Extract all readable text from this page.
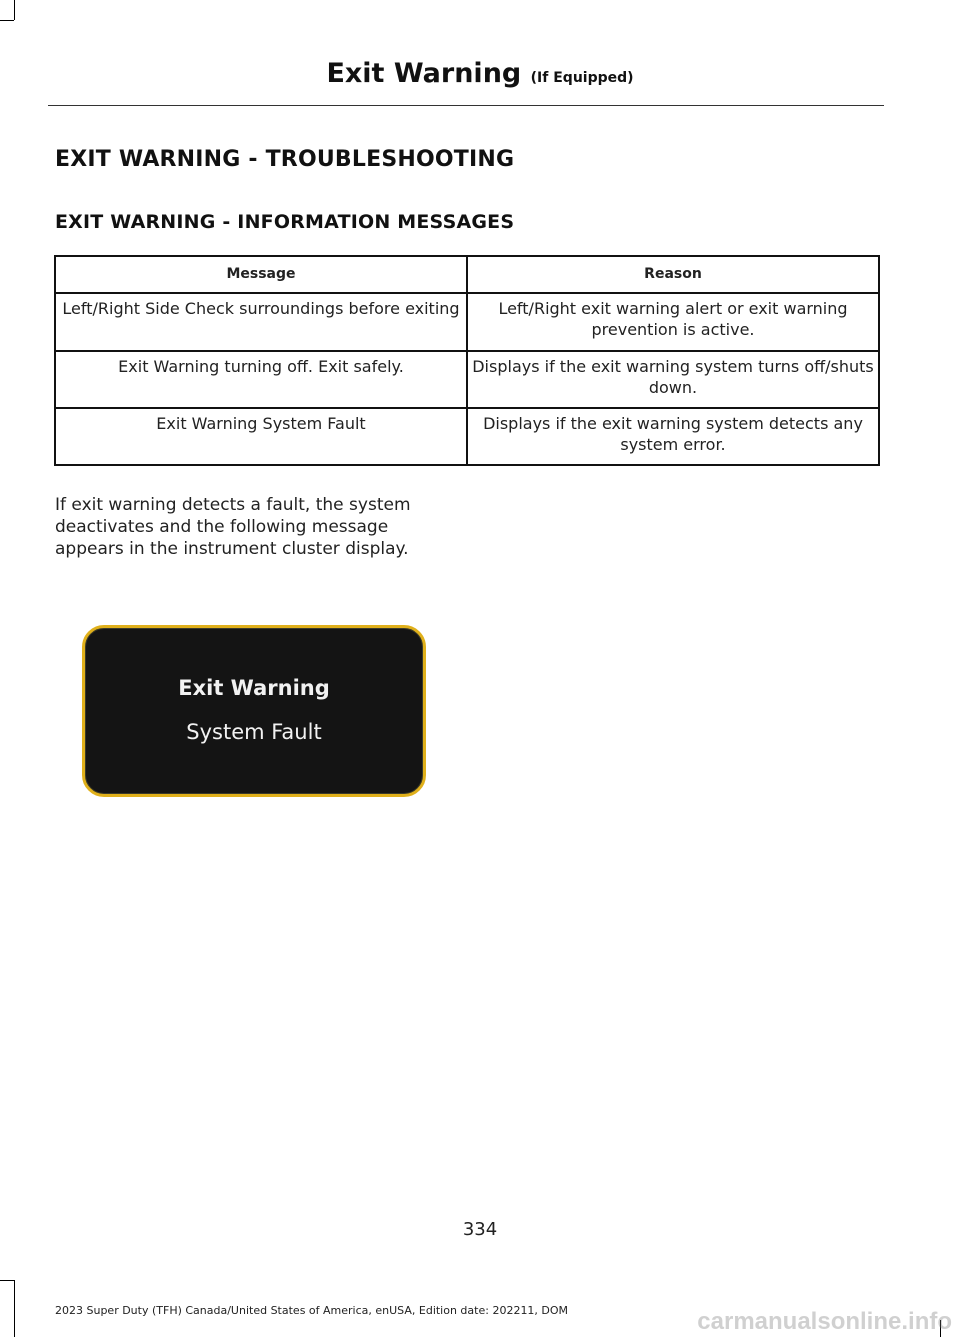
Exit Warning (If Equipped)
EXIT WARNING - TROUBLESHOOTING
EXIT WARNING - INFORMATION MESSAGES
Message	Reason
Left/Right Side Check surroundings before exiting	Left/Right exit warning alert or exit warning prevention is active.
Exit Warning turning off. Exit safely.	Displays if the exit warning system turns off/shuts down.
Exit Warning System Fault	Displays if the exit warning system detects any system error.

If exit warning detects a fault, the system deactivates and the following message appears in the instrument cluster display.

Exit Warning
System Fault
334
2023 Super Duty (TFH) Canada/United States of America, enUSA, Edition date: 202211, DOM	carmanualsonline.info
